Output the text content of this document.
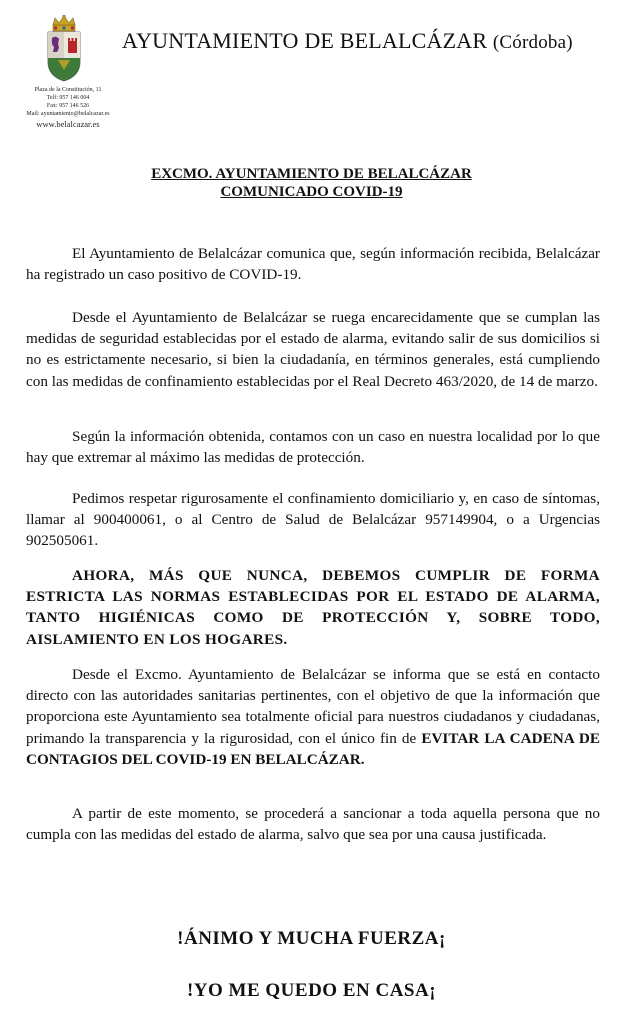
Plaza de la Constitución, 11
Telf: 957 146 004
Fax: 957 146 526
Mail: ayuntamiento@belalcazar.es
www.belalcazar.es
AYUNTAMIENTO DE BELALCÁZAR (Córdoba)
EXCMO. AYUNTAMIENTO DE BELALCÁZAR
COMUNICADO COVID-19
El Ayuntamiento de Belalcázar comunica que, según información recibida, Belalcázar ha registrado un caso positivo de COVID-19.
Desde el Ayuntamiento de Belalcázar se ruega encarecidamente que se cumplan las medidas de seguridad establecidas por el estado de alarma, evitando salir de sus domicilios si no es estrictamente necesario, si bien la ciudadanía, en términos generales, está cumpliendo con las medidas de confinamiento establecidas por el Real Decreto 463/2020, de 14 de marzo.
Según la información obtenida, contamos con un caso en nuestra localidad por lo que hay que extremar al máximo las medidas de protección.
Pedimos respetar rigurosamente el confinamiento domiciliario y, en caso de síntomas, llamar al 900400061, o al Centro de Salud de Belalcázar 957149904, o a Urgencias 902505061.
AHORA, MÁS QUE NUNCA, DEBEMOS CUMPLIR DE FORMA ESTRICTA LAS NORMAS ESTABLECIDAS POR EL ESTADO DE ALARMA, TANTO HIGIÉNICAS COMO DE PROTECCIÓN Y, SOBRE TODO, AISLAMIENTO EN LOS HOGARES.
Desde el Excmo. Ayuntamiento de Belalcázar se informa que se está en contacto directo con las autoridades sanitarias pertinentes, con el objetivo de que la información que proporciona este Ayuntamiento sea totalmente oficial para nuestros ciudadanos y ciudadanas, primando la transparencia y la rigurosidad, con el único fin de EVITAR LA CADENA DE CONTAGIOS DEL COVID-19 EN BELALCÁZAR.
A partir de este momento, se procederá a sancionar a toda aquella persona que no cumpla con las medidas del estado de alarma, salvo que sea por una causa justificada.
!ÁNIMO Y MUCHA FUERZA¡
!YO ME QUEDO EN CASA¡
